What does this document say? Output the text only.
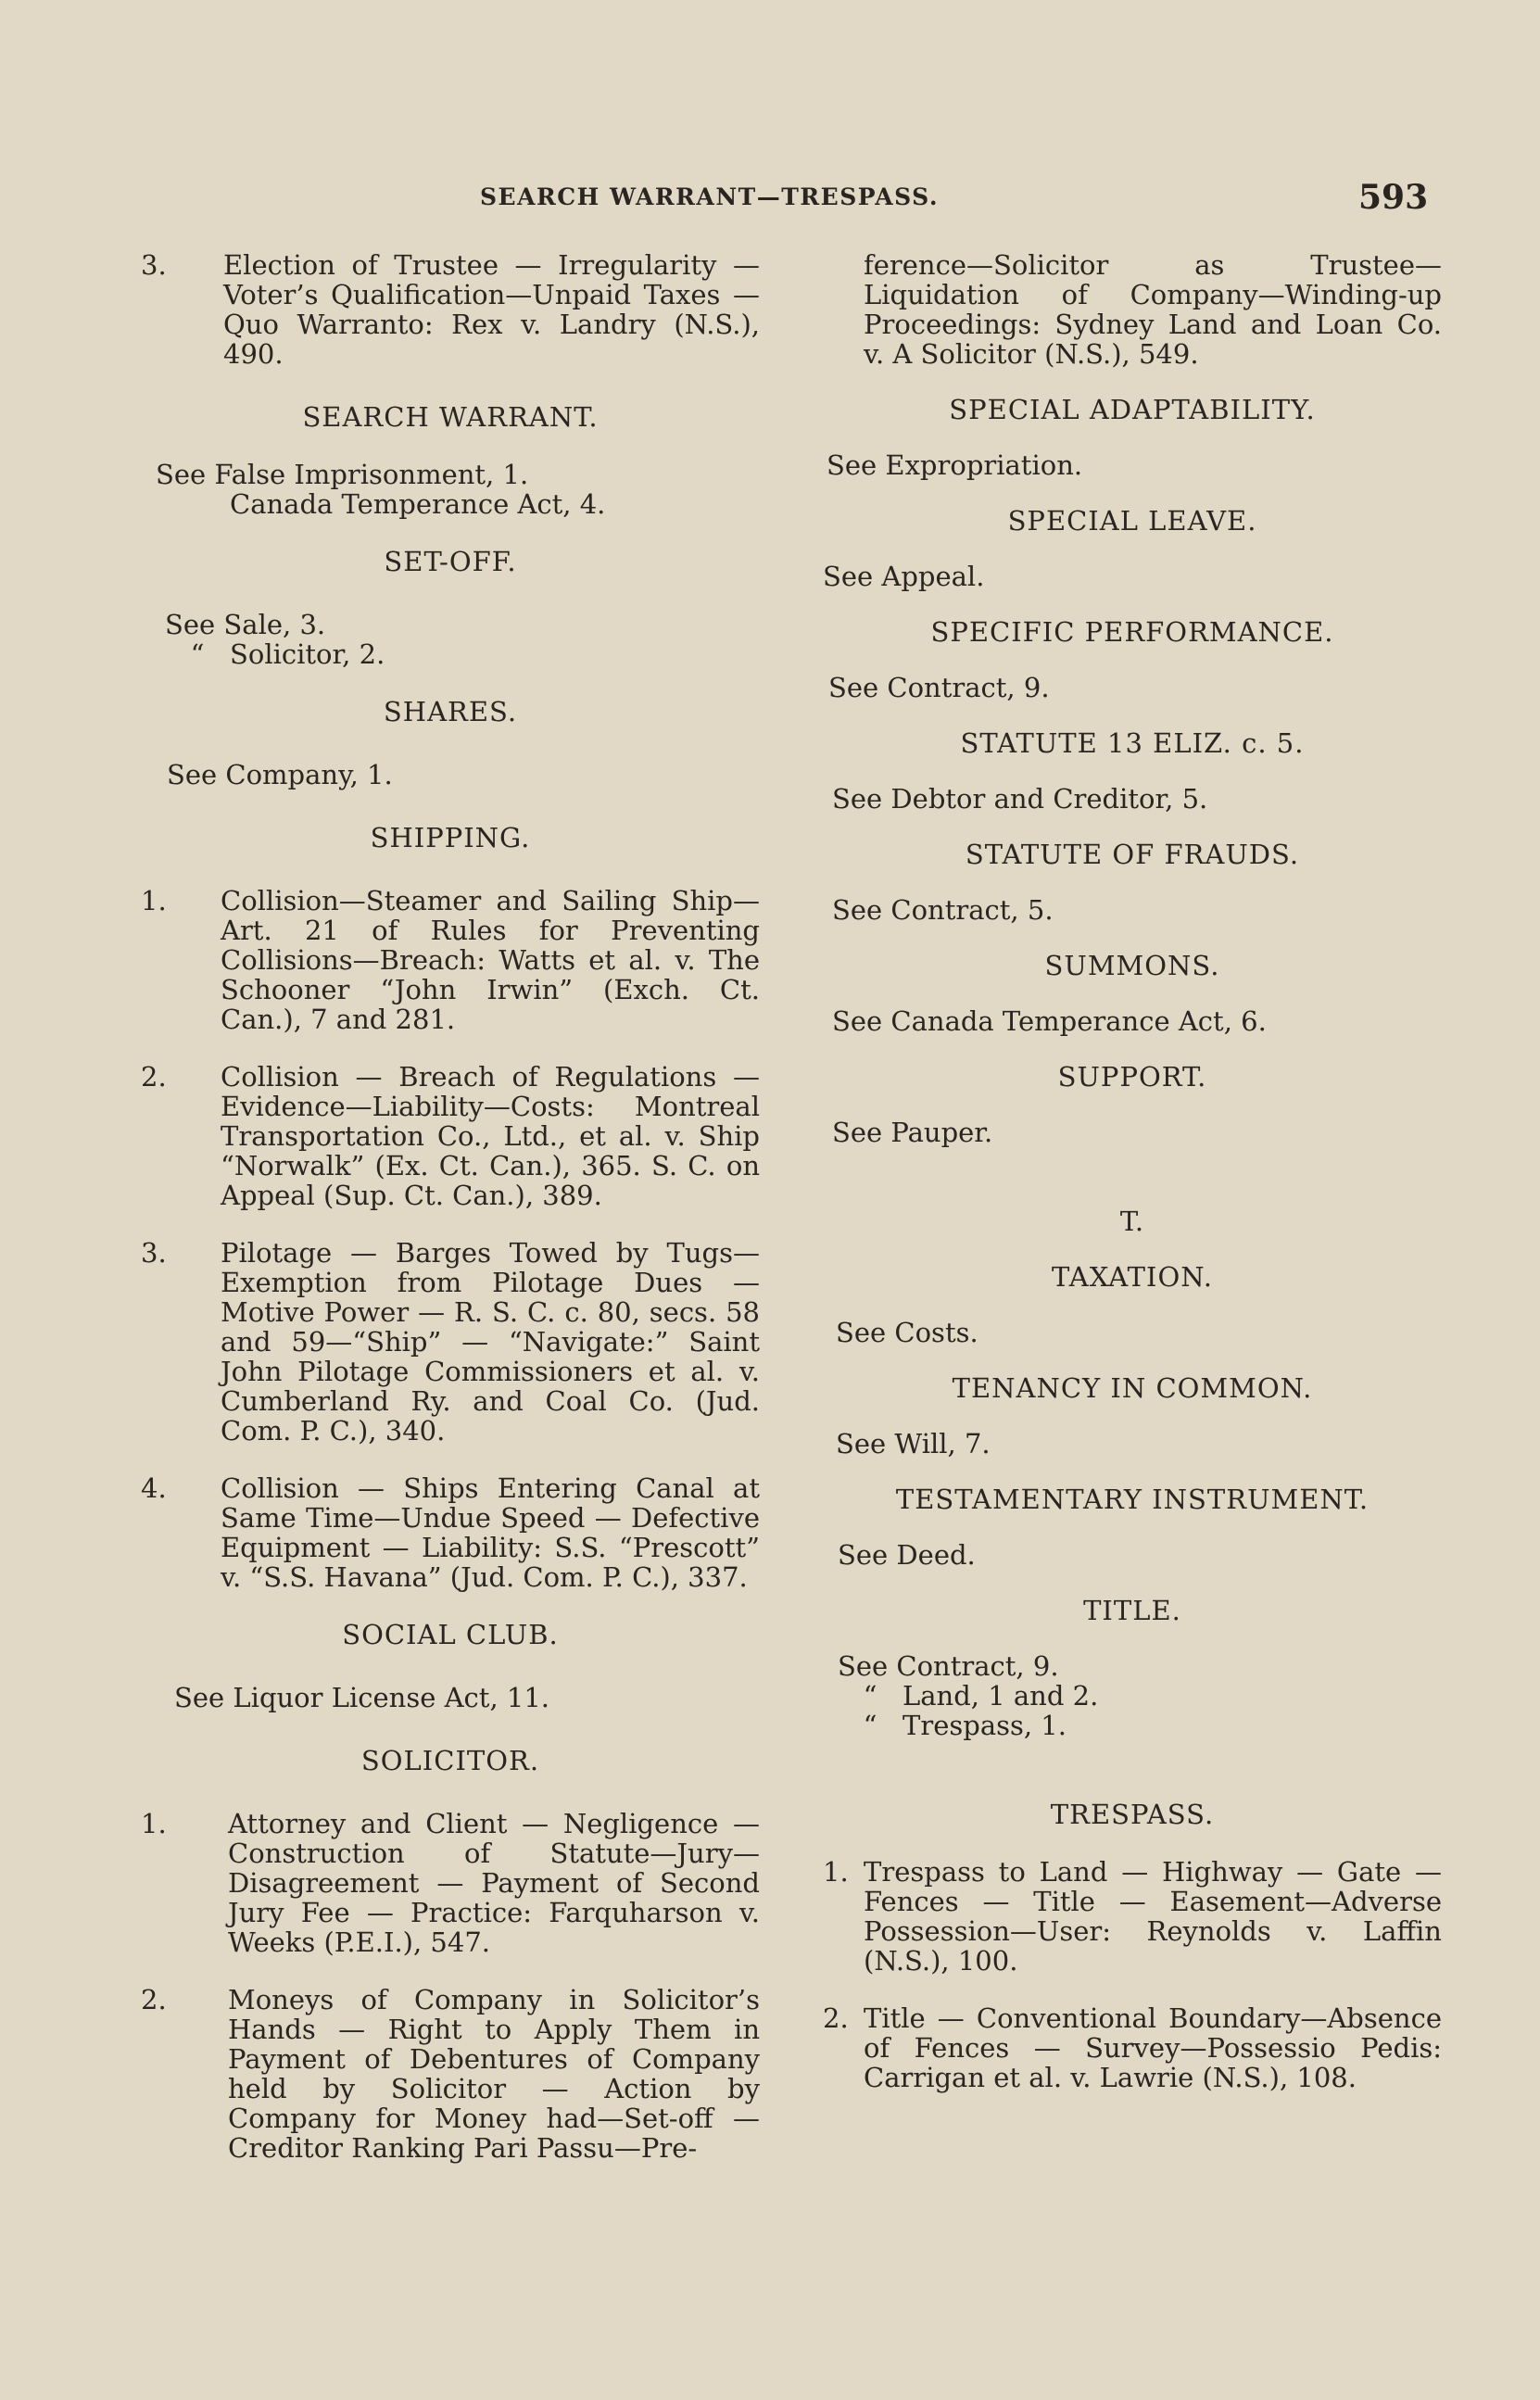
SEARCH WARRANT—TRESPASS.	593
3.	Election of Trustee — Irregularity — Voter’s Qualification—Unpaid Taxes —Quo Warranto: Rex v. Landry (N.S.), 490.
SEARCH WARRANT.
See False Imprisonment, 1.
Canada Temperance Act, 4.
SET-OFF.
See Sale, 3.
“ Solicitor, 2.
SHARES.
See Company, 1.
SHIPPING.
1.	Collision—Steamer and Sailing Ship—Art. 21 of Rules for Preventing Collisions—Breach: Watts et al. v. The Schooner “John Irwin” (Exch. Ct. Can.), 7 and 281.
2.	Collision — Breach of Regulations — Evidence—Liability—Costs: Montreal Transportation Co., Ltd., et al. v. Ship “Norwalk” (Ex. Ct. Can.), 365. S. C. on Appeal (Sup. Ct. Can.), 389.
3.	Pilotage — Barges Towed by Tugs—Exemption from Pilotage Dues — Motive Power — R. S. C. c. 80, secs. 58 and 59—“Ship” — “Navigate:” Saint John Pilotage Commissioners et al. v. Cumberland Ry. and Coal Co. (Jud. Com. P. C.), 340.
4.	Collision — Ships Entering Canal at Same Time—Undue Speed — Defective Equipment — Liability: S.S. “Prescott” v. “S.S. Havana” (Jud. Com. P. C.), 337.
SOCIAL CLUB.
See Liquor License Act, 11.
SOLICITOR.
1.	Attorney and Client — Negligence — Construction of Statute—Jury—Disagreement — Payment of Second Jury Fee — Practice: Farquharson v. Weeks (P.E.I.), 547.
2.	Moneys of Company in Solicitor’s Hands — Right to Apply Them in Payment of Debentures of Company held by Solicitor — Action by Company for Money had—Set-off — Creditor Ranking Pari Passu—Pre-
ference—Solicitor as Trustee—Liquidation of Company—Winding-up Proceedings: Sydney Land and Loan Co. v. A Solicitor (N.S.), 549.
SPECIAL ADAPTABILITY.
See Expropriation.
SPECIAL LEAVE.
See Appeal.
SPECIFIC PERFORMANCE.
See Contract, 9.
STATUTE 13 ELIZ. c. 5.
See Debtor and Creditor, 5.
STATUTE OF FRAUDS.
See Contract, 5.
SUMMONS.
See Canada Temperance Act, 6.
SUPPORT.
See Pauper.
T.
TAXATION.
See Costs.
TENANCY IN COMMON.
See Will, 7.
TESTAMENTARY INSTRUMENT.
See Deed.
TITLE.
See Contract, 9.
“ Land, 1 and 2.
“ Trespass, 1.
TRESPASS.
1. Trespass to Land — Highway — Gate —Fences — Title — Easement—Adverse Possession—User: Reynolds v. Laffin (N.S.), 100.
2. Title — Conventional Boundary—Absence of Fences — Survey—Possessio Pedis: Carrigan et al. v. Lawrie (N.S.), 108.
